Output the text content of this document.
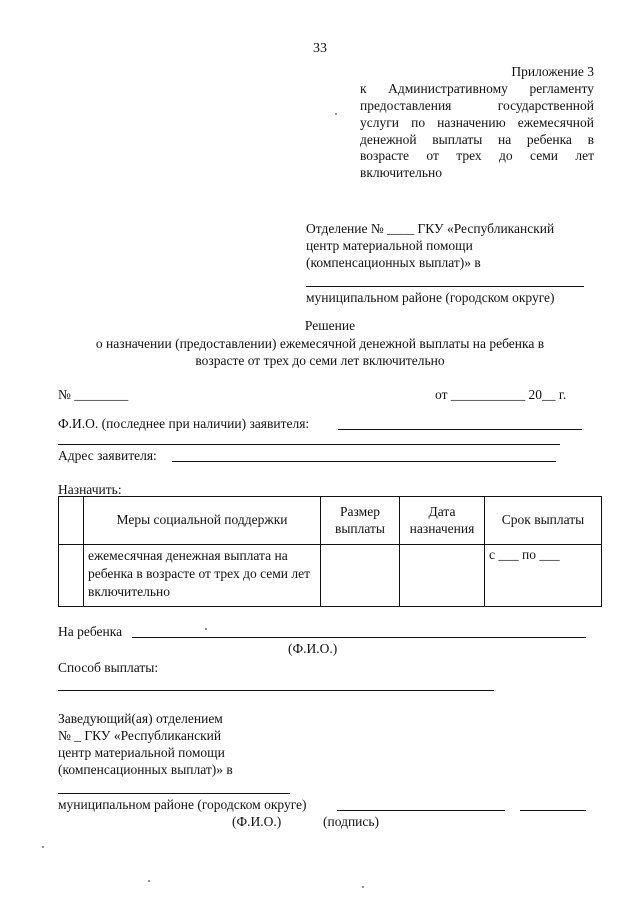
33
Приложение 3
к Административному регламенту
предоставления государственной
услуги по назначению ежемесячной
денежной выплаты на ребенка в
возрасте от трех до семи лет
включительно
Отделение № ____ ГКУ «Республиканский
центр материальной помощи
(компенсационных выплат)» в
муниципальном районе (городском округе)
Решение
о назначении (предоставлении) ежемесячной денежной выплаты на ребенка в
возрасте от трех до семи лет включительно
№ ________	от ___________ 20__ г.
Ф.И.О. (последнее при наличии) заявителя:
Адрес заявителя:
Назначить:
	Меры социальной поддержки	Размер выплаты	Дата назначения	Срок выплаты
	ежемесячная денежная выплата на ребенка в возрасте от трех до семи лет включительно			с ___ по ___
На ребенка
(Ф.И.О.)
Способ выплаты:
Заведующий(ая) отделением
№ _ ГКУ «Республиканский
центр материальной помощи
(компенсационных выплат)» в
муниципальном районе (городском округе)
(Ф.И.О.)	(подпись)
